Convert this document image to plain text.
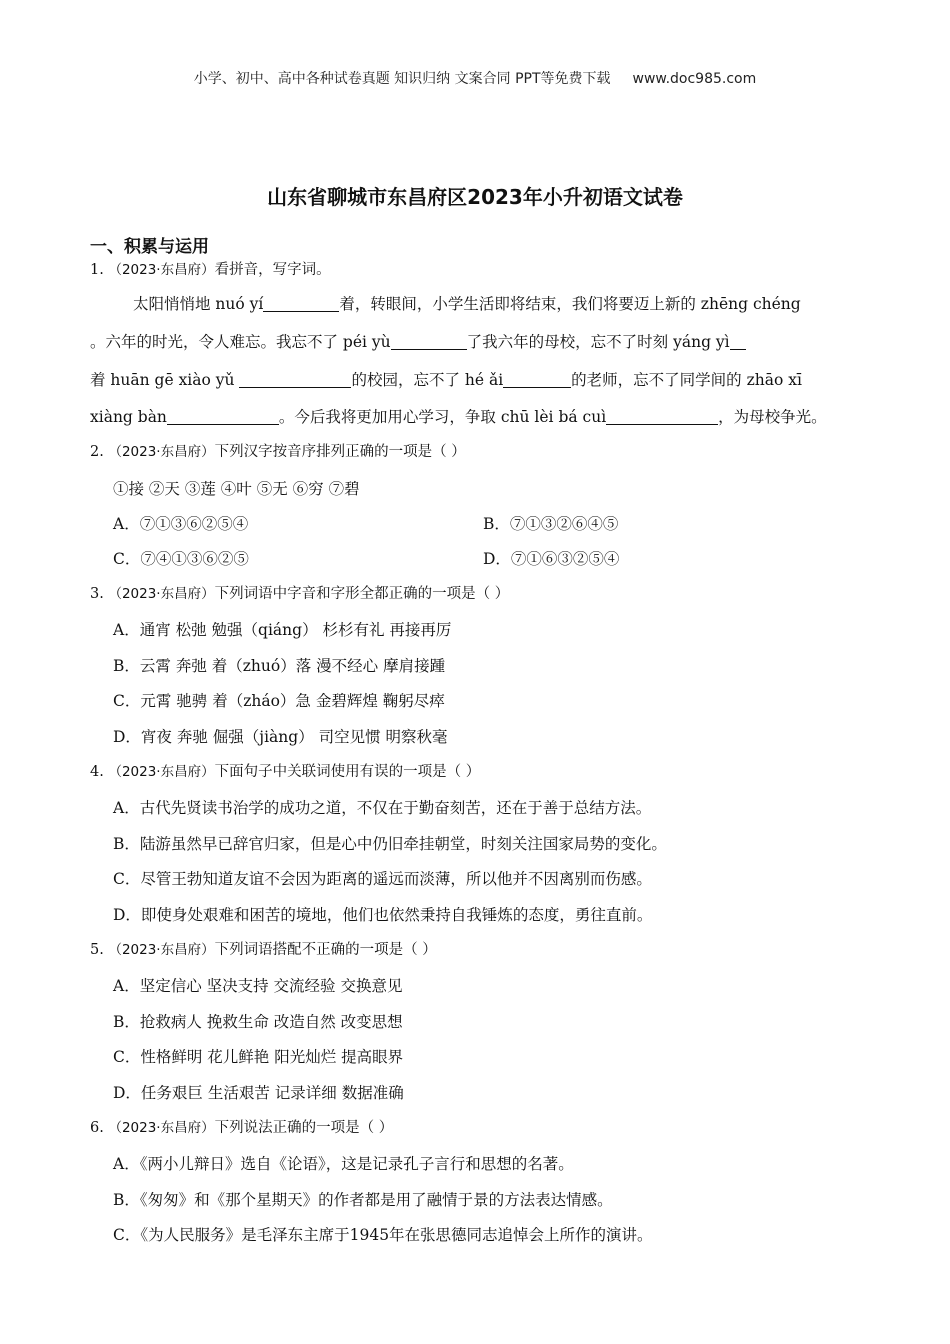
小学、初中、高中各种试卷真题 知识归纳 文案合同 PPT等免费下载 www.doc985.com
山东省聊城市东昌府区2023年小升初语文试卷
一、积累与运用
1. （2023·东昌府）看拼音，写字词。
太阳悄悄地 nuó yí	着，转眼间，小学生活即将结束，我们将要迈上新的 zhēng chéng
。六年的时光，令人难忘。我忘不了 péi yù	了我六年的母校，忘不了时刻 yáng yì
着 huān gē xiào yǔ	的校园，忘不了 hé ǎi	的老师，忘不了同学间的 zhāo xī
xiàng bàn	。今后我将更加用心学习，争取 chū lèi bá cuì	，为母校争光。
2. （2023·东昌府）下列汉字按音序排列正确的一项是（ ）
①接 ②天 ③莲 ④叶 ⑤无 ⑥穷 ⑦碧
A．⑦①③⑥②⑤④	B．⑦①③②⑥④⑤
C．⑦④①③⑥②⑤	D．⑦①⑥③②⑤④
3. （2023·东昌府）下列词语中字音和字形全都正确的一项是（ ）
A．通宵 松弛 勉强（qiáng） 杉杉有礼 再接再厉
B．云霄 奔弛 着（zhuó）落 漫不经心 摩肩接踵
C．元霄 驰骋 着（zháo）急 金碧辉煌 鞠躬尽瘁
D．宵夜 奔驰 倔强（jiàng） 司空见惯 明察秋毫
4. （2023·东昌府）下面句子中关联词使用有误的一项是（ ）
A．古代先贤读书治学的成功之道，不仅在于勤奋刻苦，还在于善于总结方法。
B．陆游虽然早已辞官归家，但是心中仍旧牵挂朝堂，时刻关注国家局势的变化。
C．尽管王勃知道友谊不会因为距离的遥远而淡薄，所以他并不因离别而伤感。
D．即使身处艰难和困苦的境地，他们也依然秉持自我锤炼的态度，勇往直前。
5. （2023·东昌府）下列词语搭配不正确的一项是（ ）
A．坚定信心 坚决支持 交流经验 交换意见
B．抢救病人 挽救生命 改造自然 改变思想
C．性格鲜明 花儿鲜艳 阳光灿烂 提高眼界
D．任务艰巨 生活艰苦 记录详细 数据准确
6. （2023·东昌府）下列说法正确的一项是（ ）
A．《两小儿辩日》选自《论语》，这是记录孔子言行和思想的名著。
B．《匆匆》和《那个星期天》的作者都是用了融情于景的方法表达情感。
C．《为人民服务》是毛泽东主席于1945年在张思德同志追悼会上所作的演讲。
